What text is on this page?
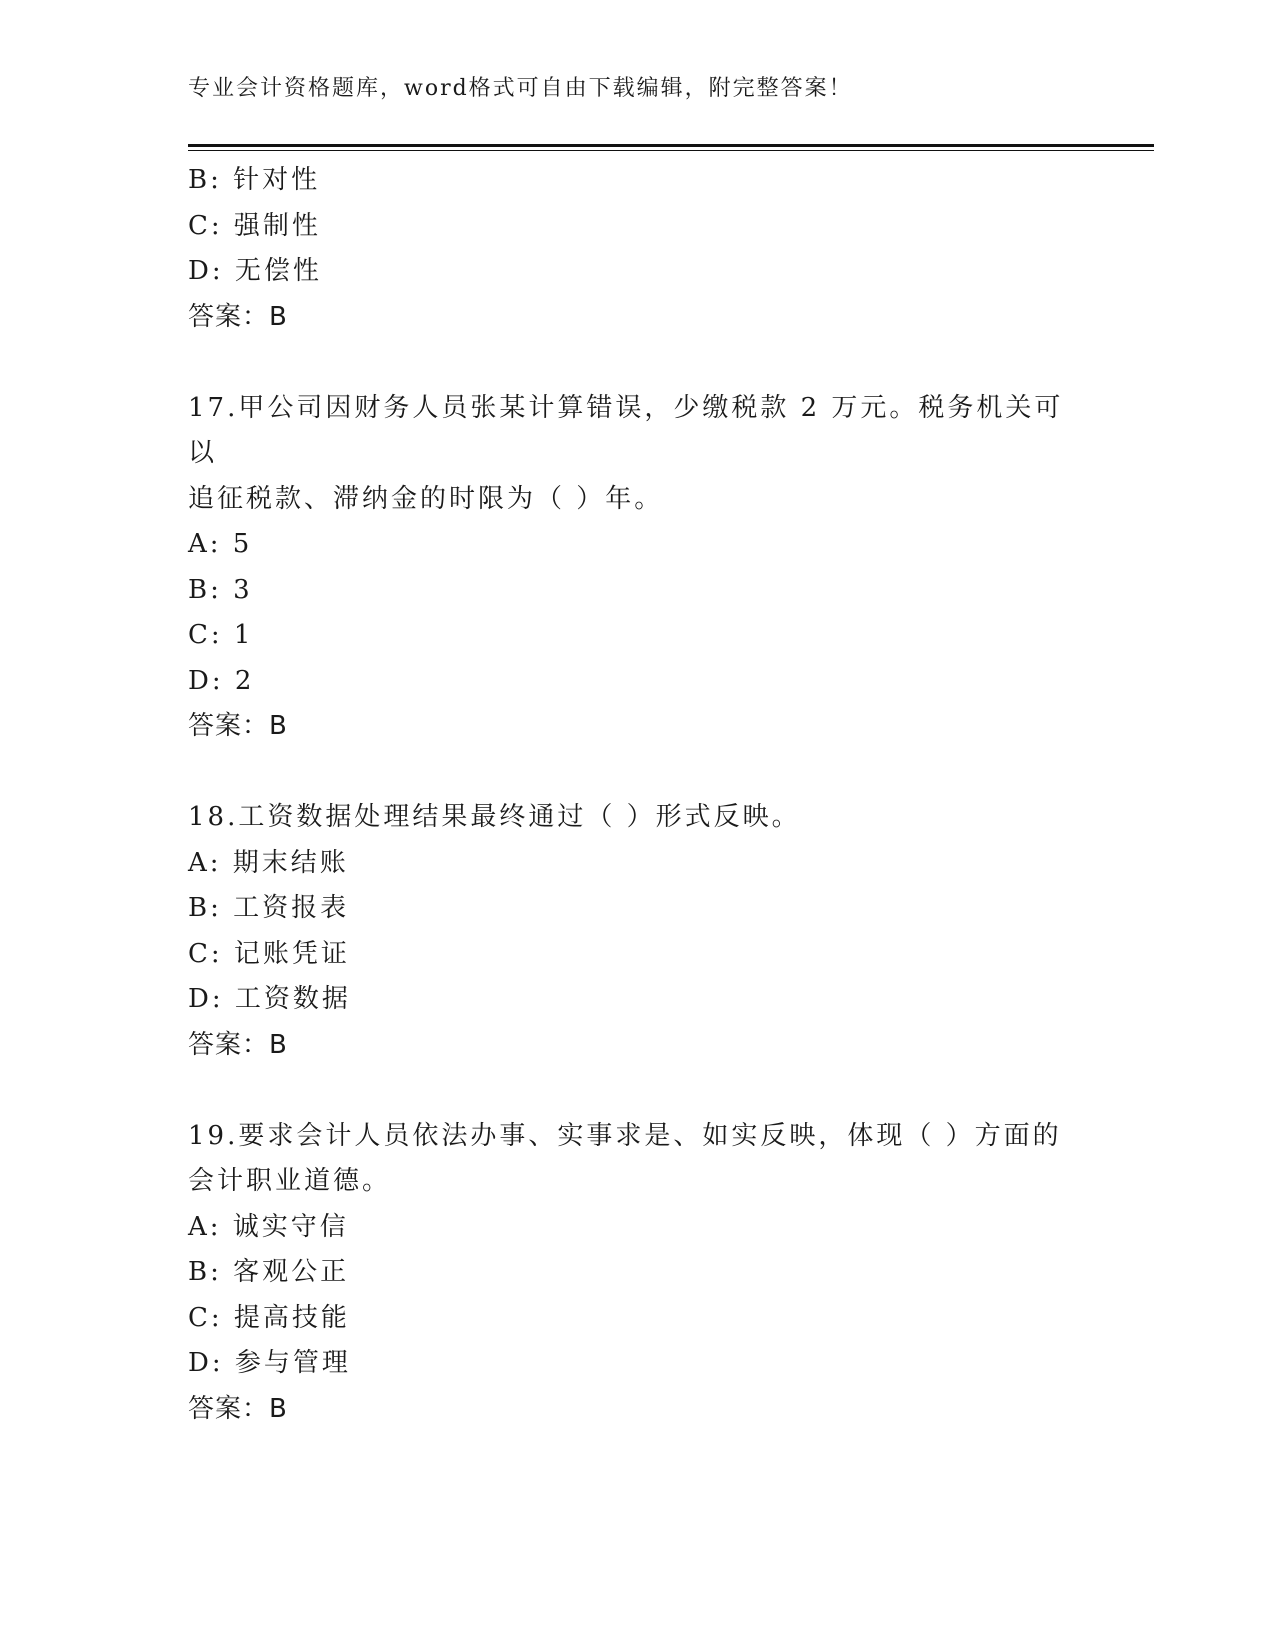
专业会计资格题库，word格式可自由下载编辑，附完整答案！
B: 针对性
C: 强制性
D: 无偿性
答案：B
17.甲公司因财务人员张某计算错误，少缴税款 2 万元。税务机关可以
追征税款、滞纳金的时限为（ ）年。
A: 5
B: 3
C: 1
D: 2
答案：B
18.工资数据处理结果最终通过（ ）形式反映。
A: 期末结账
B: 工资报表
C: 记账凭证
D: 工资数据
答案：B
19.要求会计人员依法办事、实事求是、如实反映，体现（ ）方面的
会计职业道德。
A: 诚实守信
B: 客观公正
C: 提高技能
D: 参与管理
答案：B
